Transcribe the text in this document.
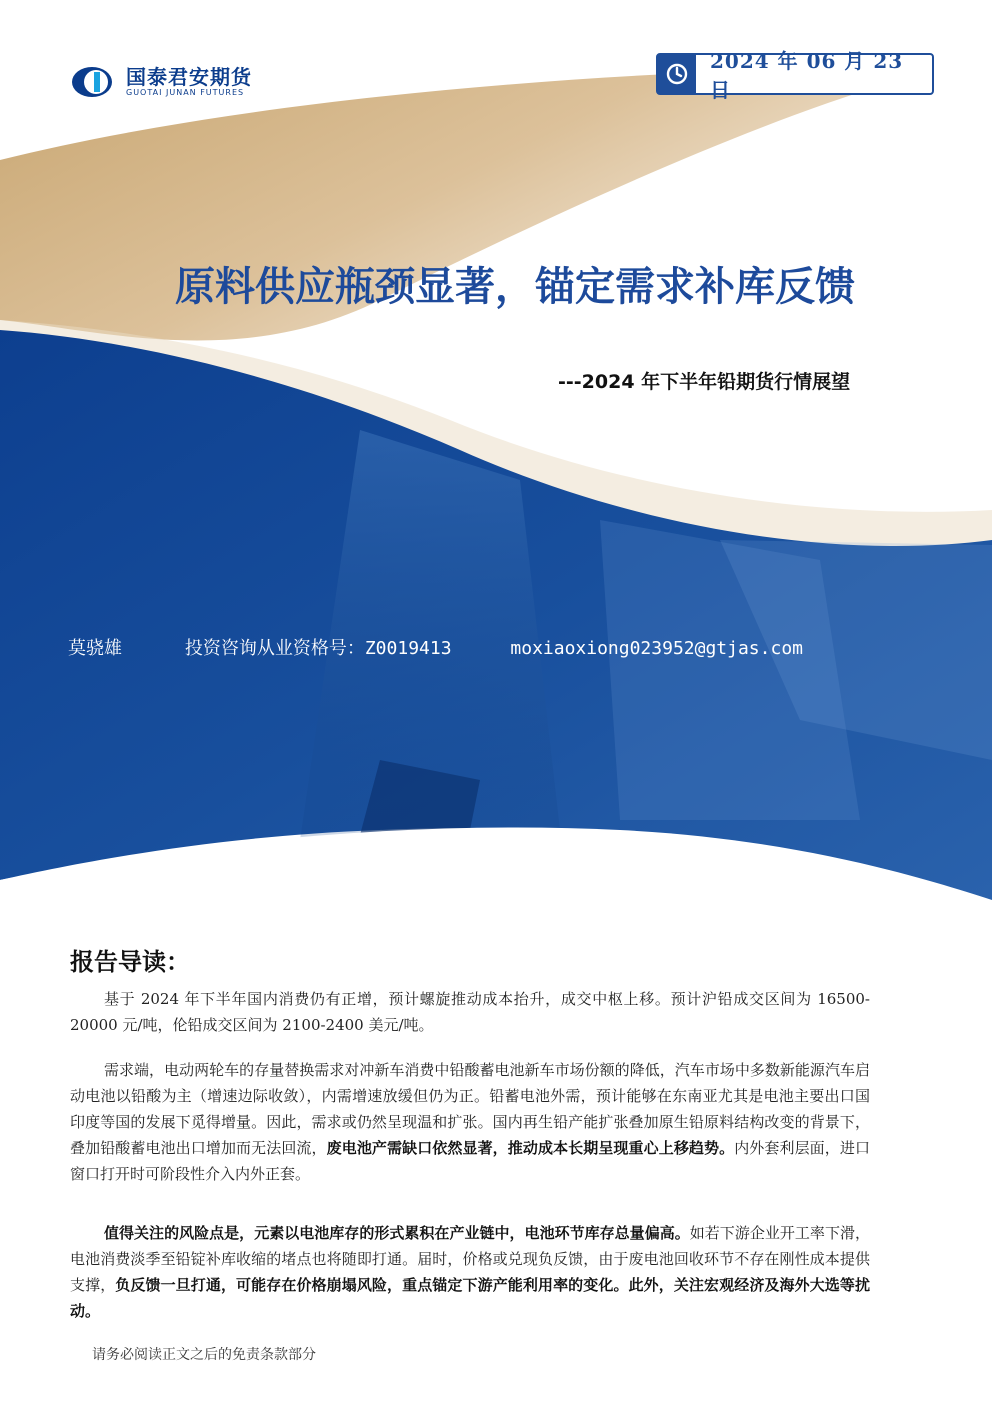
国泰君安期货
GUOTAI JUNAN FUTURES
2024 年 06 月 23 日
原料供应瓶颈显著，锚定需求补库反馈
---2024 年下半年铅期货行情展望
莫骁雄	投资咨询从业资格号：Z0019413	moxiaoxiong023952@gtjas.com
报告导读：

基于 2024 年下半年国内消费仍有正增，预计螺旋推动成本抬升，成交中枢上移。预计沪铅成交区间为 16500-20000 元/吨，伦铅成交区间为 2100-2400 美元/吨。

需求端，电动两轮车的存量替换需求对冲新车消费中铅酸蓄电池新车市场份额的降低，汽车市场中多数新能源汽车启动电池以铅酸为主（增速边际收敛），内需增速放缓但仍为正。铅蓄电池外需，预计能够在东南亚尤其是电池主要出口国印度等国的发展下觅得增量。因此，需求或仍然呈现温和扩张。国内再生铅产能扩张叠加原生铅原料结构改变的背景下，叠加铅酸蓄电池出口增加而无法回流，废电池产需缺口依然显著，推动成本长期呈现重心上移趋势。内外套利层面，进口窗口打开时可阶段性介入内外正套。

值得关注的风险点是，元素以电池库存的形式累积在产业链中，电池环节库存总量偏高。如若下游企业开工率下滑，电池消费淡季至铅锭补库收缩的堵点也将随即打通。届时，价格或兑现负反馈，由于废电池回收环节不存在刚性成本提供支撑，负反馈一旦打通，可能存在价格崩塌风险，重点锚定下游产能利用率的变化。此外，关注宏观经济及海外大选等扰动。

请务必阅读正文之后的免责条款部分
